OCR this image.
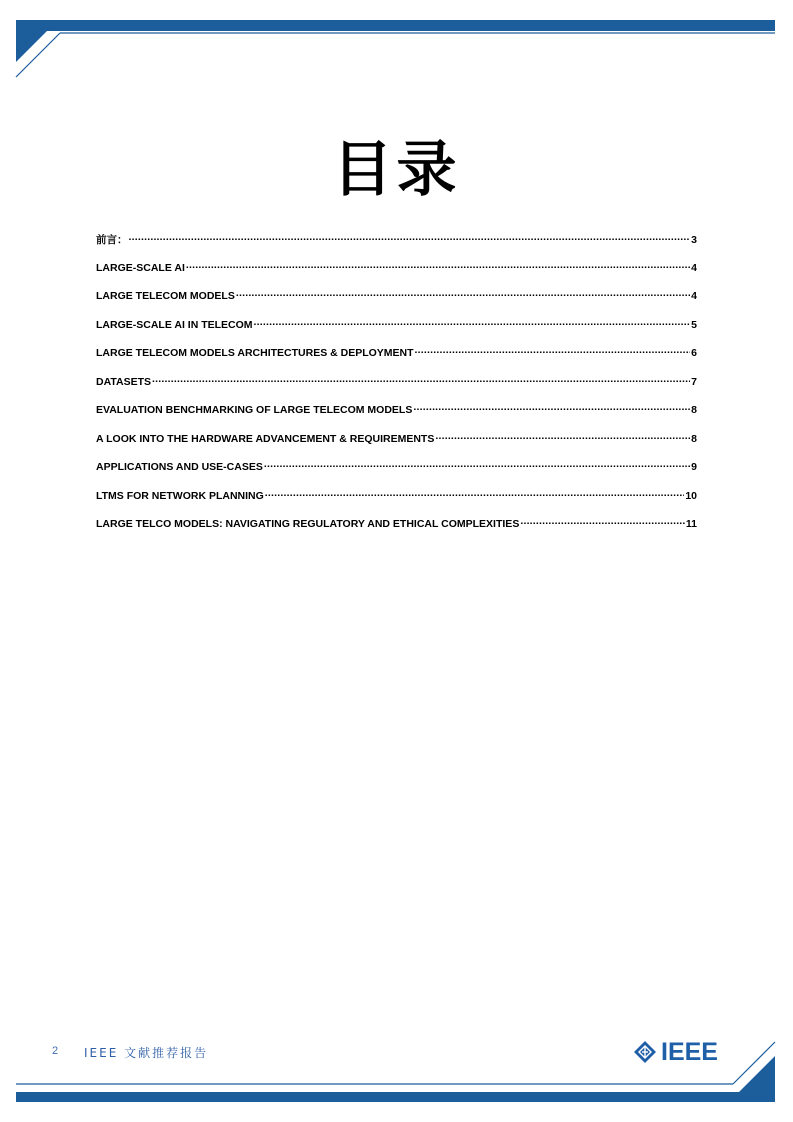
目录
前言： .....	3
LARGE-SCALE AI .....	4
LARGE TELECOM MODELS .....	4
LARGE-SCALE AI IN TELECOM .....	5
LARGE TELECOM MODELS ARCHITECTURES & DEPLOYMENT .....	6
DATASETS .....	7
EVALUATION BENCHMARKING OF LARGE TELECOM MODELS .....	8
A LOOK INTO THE HARDWARE ADVANCEMENT & REQUIREMENTS .....	8
APPLICATIONS AND USE-CASES .....	9
LTMS FOR NETWORK PLANNING .....	10
LARGE TELCO MODELS: NAVIGATING REGULATORY AND ETHICAL COMPLEXITIES .....	11
2 IEEE 文献推荐报告	IEEE
